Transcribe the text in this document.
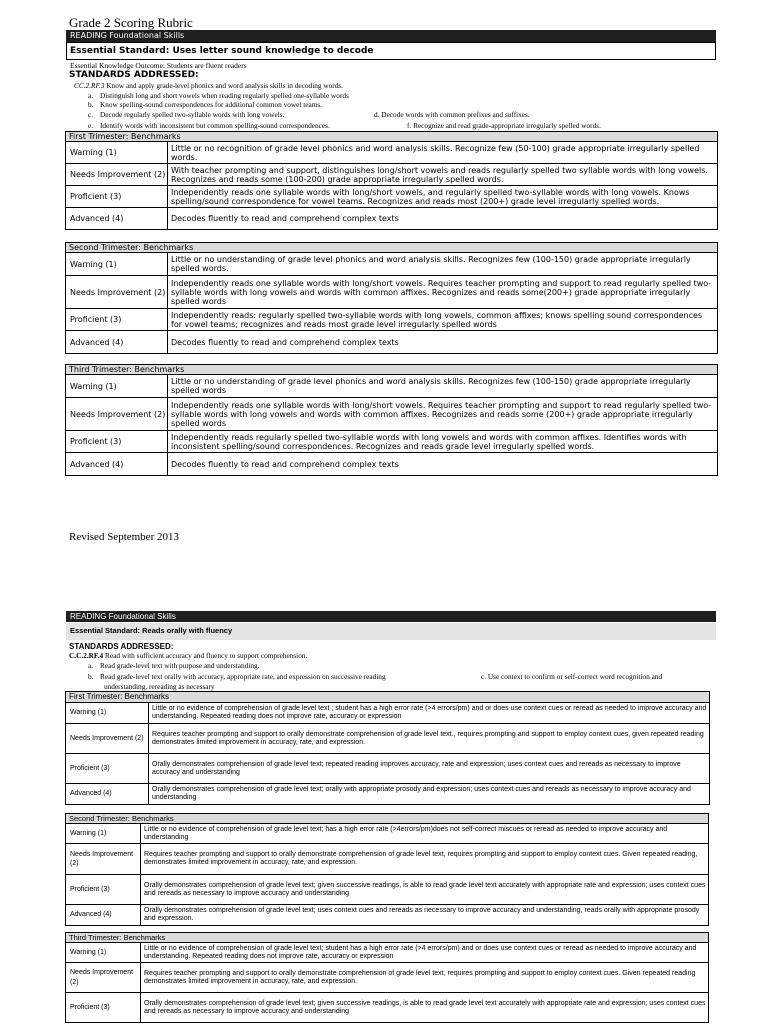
Grade 2 Scoring Rubric
READING Foundational Skills
Essential Standard: Uses letter sound knowledge to decode
Essential Knowledge Outcome: Students are fluent readers
STANDARDS ADDRESSED:
CC.2.RF.3 Know and apply grade-level phonics and word analysis skills in decoding words.
a. Distinguish long and short vowels when reading regularly spelled one-syllable words
b. Know spelling-sound correspondences for additional common vowel teams.
c. Decode regularly spelled two-syllable words with long vowels.	d. Decode words with common prefixes and suffixes.
e. Identify words with inconsistent but common spelling-sound correspondences.	f. Recognize and read grade-appropriate irregularly spelled words.
First Trimester: Benchmarks	
Warning (1)	Little or no recognition of grade level phonics and word analysis skills. Recognize few (50-100) grade appropriate irregularly spelled words.
Needs Improvement (2)	With teacher prompting and support, distinguishes long/short vowels and reads regularly spelled two syllable words with long vowels. Recognizes and reads some (100-200) grade appropriate irregularly spelled words.
Proficient (3)	Independently reads one syllable words with long/short vowels, and regularly spelled two-syllable words with long vowels. Knows spelling/sound correspondence for vowel teams. Recognizes and reads most (200+) grade level irregularly spelled words.
Advanced (4)	Decodes fluently to read and comprehend complex texts
Second Trimester: Benchmarks	
Warning (1)	Little or no understanding of grade level phonics and word analysis skills. Recognizes few (100-150) grade appropriate irregularly spelled words.
Needs Improvement (2)	Independently reads one syllable words with long/short vowels. Requires teacher prompting and support to read regularly spelled two-syllable words with long vowels and words with common affixes. Recognizes and reads some(200+) grade appropriate irregularly spelled words
Proficient (3)	Independently reads: regularly spelled two-syllable words with long vowels, common affixes; knows spelling sound correspondences for vowel teams; recognizes and reads most grade level irregularly spelled words
Advanced (4)	Decodes fluently to read and comprehend complex texts
Third Trimester: Benchmarks	
Warning (1)	Little or no understanding of grade level phonics and word analysis skills. Recognizes few (100-150) grade appropriate irregularly spelled words
Needs Improvement (2)	Independently reads one syllable words with long/short vowels. Requires teacher prompting and support to read regularly spelled two-syllable words with long vowels and words with common affixes. Recognizes and reads some (200+) grade appropriate irregularly spelled words
Proficient (3)	Independently reads regularly spelled two-syllable words with long vowels and words with common affixes. Identifies words with inconsistent spelling/sound correspondences. Recognizes and reads grade level irregularly spelled words.
Advanced (4)	Decodes fluently to read and comprehend complex texts
Revised September 2013
READING Foundational Skills
Essential Standard: Reads orally with fluency
STANDARDS ADDRESSED:
C.C.2.RF.4 Read with sufficient accuracy and fluency to support comprehension.
a. Read grade-level text with purpose and understanding.
b. Read grade-level text orally with accuracy, appropriate rate, and expression on successive reading	c. Use context to confirm or self-correct word recognition and
understanding, rereading as necessary
First Trimester: Benchmarks	
Warning (1)	Little or no evidence of comprehension of grade level text ; student has a high error rate (>4 errors/pm) and or does use context cues or reread as needed to improve accuracy and understanding. Repeated reading does not improve rate, accuracy or expression
Needs Improvement (2)	Requires teacher prompting and support to orally demonstrate comprehension of grade level text., requires prompting and support to employ context cues, given repeated reading demonstrates limited improvement in accuracy, rate, and expression.
Proficient (3)	Orally demonstrates comprehension of grade level text; repeated reading improves accuracy, rate and expression; uses context cues and rereads as necessary to improve accuracy and understanding
Advanced (4)	Orally demonstrates comprehension of grade level text; orally with appropriate prosody and expression; uses context cues and rereads as necessary to improve accuracy and understanding
Second Trimester: Benchmarks	
Warning (1)	Little or no evidence of comprehension of grade level text; has a high error rate (>4errors/pm)does not self-correct miscues or reread as needed to improve accuracy and understanding
Needs Improvement (2)	Requires teacher prompting and support to orally demonstrate comprehension of grade level text, requires prompting and support to employ context cues. Given repeated reading, demonstrates limited improvement in accuracy, rate, and expression.
Proficient (3)	Orally demonstrates comprehension of grade level text; given successive readings, is able to read grade level text accurately with appropriate rate and expression; uses context cues and rereads as necessary to improve accuracy and understanding
Advanced (4)	Orally demonstrates comprehension of grade level text; uses context cues and rereads as necessary to improve accuracy and understanding, reads orally with appropriate prosody and expression.
Third Trimester: Benchmarks	
Warning (1)	Little or no evidence of comprehension of grade level text; student has a high error rate (>4 errors/pm) and or does use context cues or reread as needed to improve accuracy and understanding. Repeated reading does not improve rate, accuracy or expression
Needs Improvement (2)	Requires teacher prompting and support to orally demonstrate comprehension of grade level text, requires prompting and support to employ context cues. Given repeated reading demonstrates limited improvement in accuracy, rate, and expression.
Proficient (3)	Orally demonstrates comprehension of grade level text; given successive readings, is able to read grade level text accurately with appropriate rate and expression; uses context cues and rereads as necessary to improve accuracy and understanding
